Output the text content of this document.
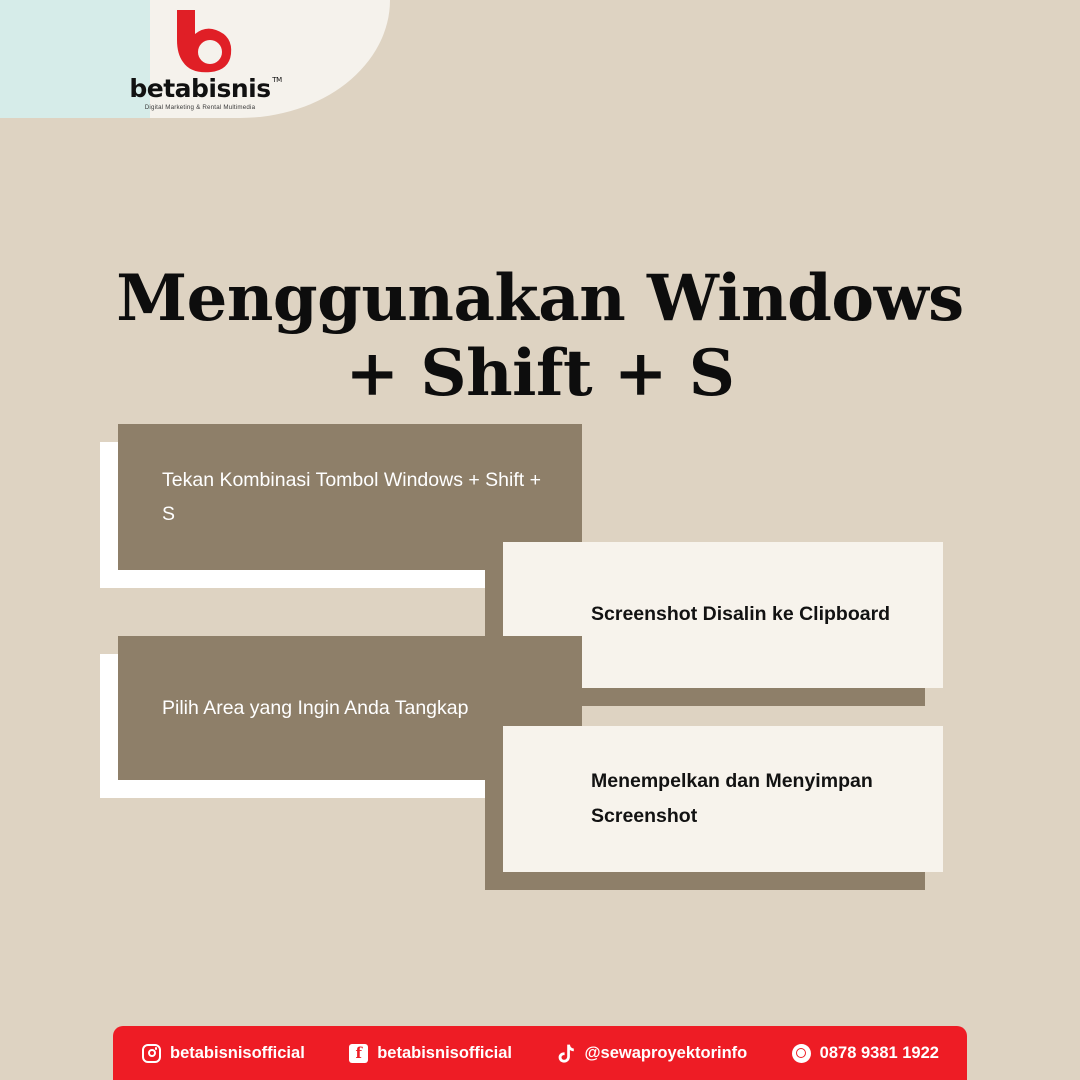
betabisnis TM
Digital Marketing & Rental Multimedia
Menggunakan Windows + Shift + S
Tekan Kombinasi Tombol Windows + Shift + S
Screenshot Disalin ke Clipboard
Pilih Area yang Ingin Anda Tangkap
Menempelkan dan Menyimpan Screenshot
betabisnisofficial	f betabisnisofficial	@sewaproyektorinfo	0878 9381 1922
